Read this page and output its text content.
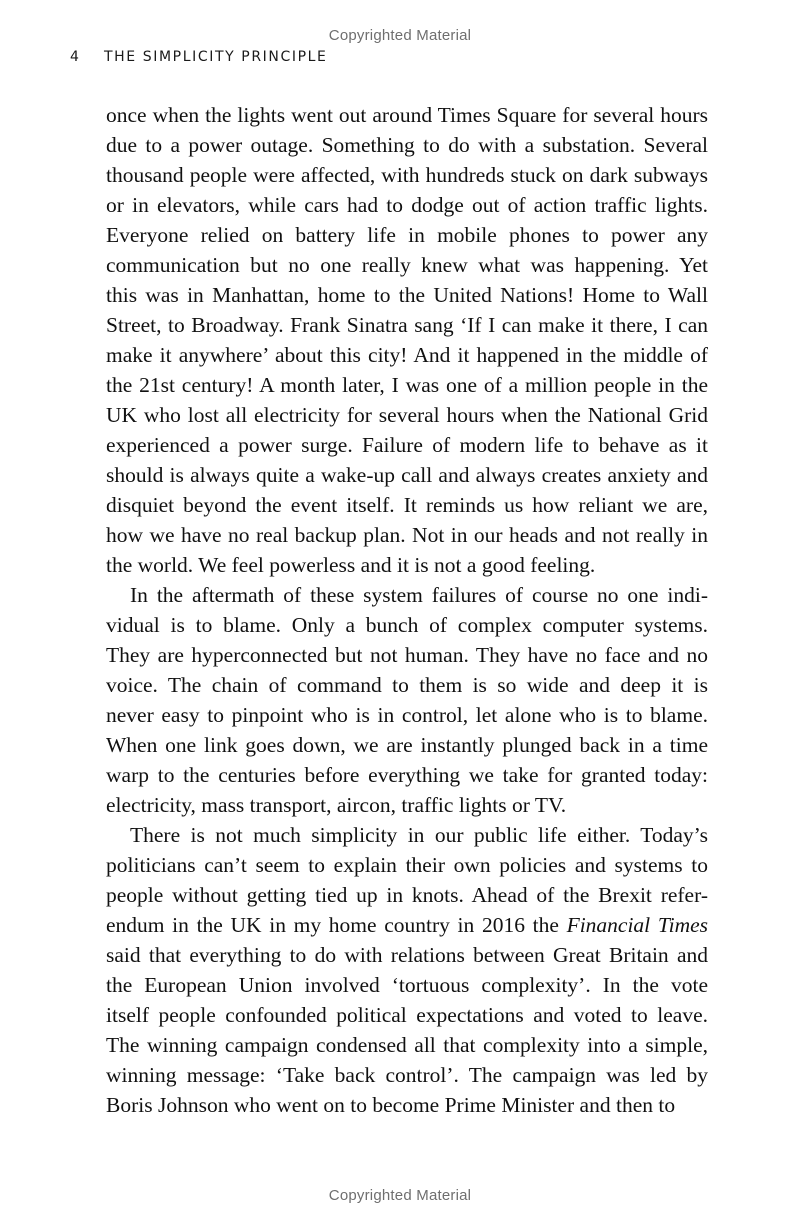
Copyrighted Material
4 THE SIMPLICITY PRINCIPLE
once when the lights went out around Times Square for several hours
due to a power outage. Something to do with a substation. Several
thousand people were affected, with hundreds stuck on dark subways
or in elevators, while cars had to dodge out of action traffic lights.
Everyone relied on battery life in mobile phones to power any
communication but no one really knew what was happening. Yet
this was in Manhattan, home to the United Nations! Home to Wall
Street, to Broadway. Frank Sinatra sang ‘If I can make it there, I can
make it anywhere’ about this city! And it happened in the middle of
the 21st century! A month later, I was one of a million people in the
UK who lost all electricity for several hours when the National Grid
experienced a power surge. Failure of modern life to behave as it
should is always quite a wake-up call and always creates anxiety and
disquiet beyond the event itself. It reminds us how reliant we are,
how we have no real backup plan. Not in our heads and not really in
the world. We feel powerless and it is not a good feeling.
In the aftermath of these system failures of course no one indi-
vidual is to blame. Only a bunch of complex computer systems.
They are hyperconnected but not human. They have no face and no
voice. The chain of command to them is so wide and deep it is
never easy to pinpoint who is in control, let alone who is to blame.
When one link goes down, we are instantly plunged back in a time
warp to the centuries before everything we take for granted today:
electricity, mass transport, aircon, traffic lights or TV.
There is not much simplicity in our public life either. Today’s
politicians can’t seem to explain their own policies and systems to
people without getting tied up in knots. Ahead of the Brexit refer-
endum in the UK in my home country in 2016 the Financial Times
said that everything to do with relations between Great Britain and
the European Union involved ‘tortuous complexity’. In the vote
itself people confounded political expectations and voted to leave.
The winning campaign condensed all that complexity into a simple,
winning message: ‘Take back control’. The campaign was led by
Boris Johnson who went on to become Prime Minister and then to
Copyrighted Material
